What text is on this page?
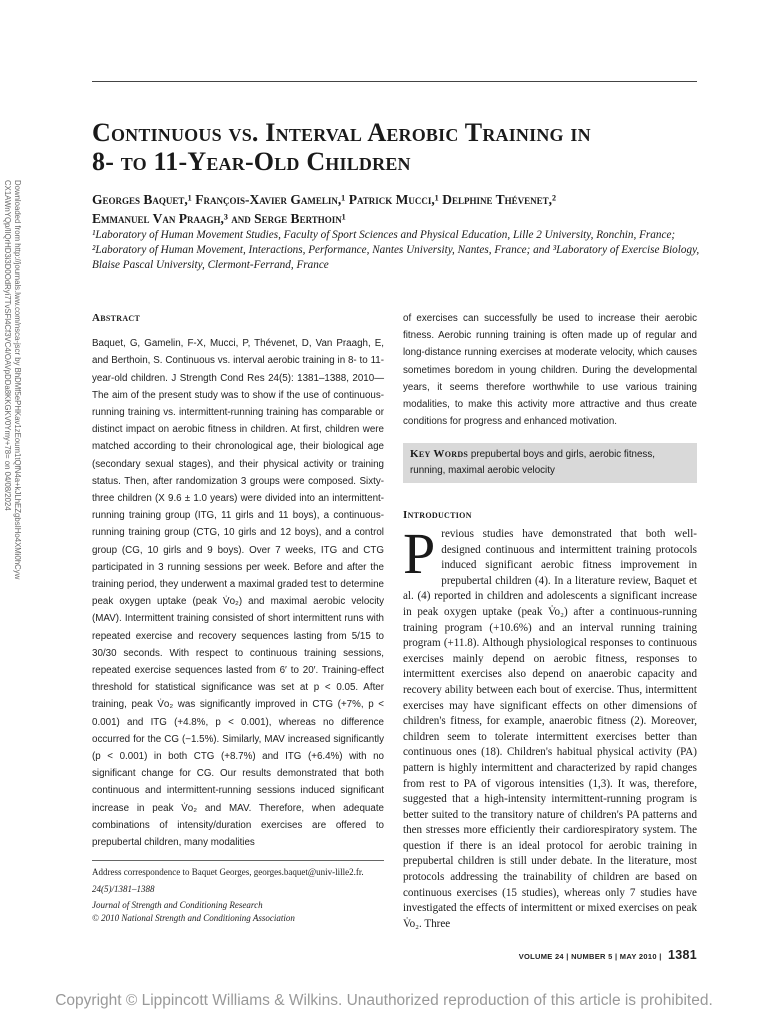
Continuous vs. Interval Aerobic Training in
8- to 11-Year-Old Children
Georges Baquet,¹ François-Xavier Gamelin,¹ Patrick Mucci,¹ Delphine Thévenet,²
Emmanuel Van Praagh,³ and Serge Berthoin¹
¹Laboratory of Human Movement Studies, Faculty of Sport Sciences and Physical Education, Lille 2 University, Ronchin, France; ²Laboratory of Human Movement, Interactions, Performance, Nantes University, Nantes, France; and ³Laboratory of Exercise Biology, Blaise Pascal University, Clermont-Ferrand, France
Downloaded from http://journals.lww.com/nsca-jscr by BhDMf5ePHKav1zEoum1tQfN4a+kJLhEZgbsIHo4XMi0hCyw
CX1AWnYQp/IlQrHD3i3D0OdRyi7TvSFl4Cf3VC4/OAVpDDa8KKGKV0Ymy+78= on 04/08/2024	Abstract

Baquet, G, Gamelin, F-X, Mucci, P, Thévenet, D, Van Praagh, E, and Berthoin, S. Continuous vs. interval aerobic training in 8- to 11-year-old children. J Strength Cond Res 24(5): 1381–1388, 2010—The aim of the present study was to show if the use of continuous-running training vs. intermittent-running training has comparable or distinct impact on aerobic fitness in children. At first, children were matched according to their chronological age, their biological age (secondary sexual stages), and their physical activity or training status. Then, after randomization 3 groups were composed. Sixty-three children (X 9.6 ± 1.0 years) were divided into an intermittent-running training group (ITG, 11 girls and 11 boys), a continuous-running training group (CTG, 10 girls and 12 boys), and a control group (CG, 10 girls and 9 boys). Over 7 weeks, ITG and CTG participated in 3 running sessions per week. Before and after the training period, they underwent a maximal graded test to determine peak oxygen uptake (peak V̇o₂) and maximal aerobic velocity (MAV). Intermittent training consisted of short intermittent runs with repeated exercise and recovery sequences lasting from 5/15 to 30/30 seconds. With respect to continuous training sessions, repeated exercise sequences lasted from 6′ to 20′. Training-effect threshold for statistical significance was set at p < 0.05. After training, peak V̇o₂ was significantly improved in CTG (+7%, p < 0.001) and ITG (+4.8%, p < 0.001), whereas no difference occurred for the CG (−1.5%). Similarly, MAV increased significantly (p < 0.001) in both CTG (+8.7%) and ITG (+6.4%) with no significant change for CG. Our results demonstrated that both continuous and intermittent-running sessions induced significant increase in peak V̇o₂ and MAV. Therefore, when adequate combinations of intensity/duration exercises are offered to prepubertal children, many modalities

of exercises can successfully be used to increase their aerobic fitness. Aerobic running training is often made up of regular and long-distance running exercises at moderate velocity, which causes sometimes boredom in young children. During the developmental years, it seems therefore worthwhile to use various training modalities, to make this activity more attractive and thus create conditions for progress and enhanced motivation.

Key Words prepubertal boys and girls, aerobic fitness, running, maximal aerobic velocity
Introduction
P revious studies have demonstrated that both well-designed continuous and intermittent training protocols induced significant aerobic fitness improvement in prepubertal children (4). In a literature review, Baquet et al. (4) reported in children and adolescents a significant increase in peak oxygen uptake (peak V̇o₂) after a continuous-running training program (+10.6%) and an interval running training program (+11.8). Although physiological responses to continuous exercises mainly depend on aerobic fitness, responses to intermittent exercises also depend on anaerobic capacity and recovery ability between each bout of exercise. Thus, intermittent exercises may have significant effects on other dimensions of children's fitness, for example, anaerobic fitness (2). Moreover, children seem to tolerate intermittent exercises better than continuous ones (18). Children's habitual physical activity (PA) pattern is highly intermittent and characterized by rapid changes from rest to PA of vigorous intensities (1,3). It was, therefore, suggested that a high-intensity intermittent-running program is better suited to the transitory nature of children's PA patterns and then stresses more efficiently their cardiorespiratory system. The question if there is an ideal protocol for aerobic training in prepubertal children is still under debate. In the literature, most protocols addressing the trainability of children are based on continuous exercises (15 studies), whereas only 7 studies have investigated the effects of intermittent or mixed exercises on peak V̇o₂. Three

Address correspondence to Baquet Georges, georges.baquet@univ-lille2.fr.

24(5)/1381–1388

Journal of Strength and Conditioning Research

© 2010 National Strength and Conditioning Association

VOLUME 24 | NUMBER 5 | MAY 2010 | 1381
Copyright © Lippincott Williams & Wilkins. Unauthorized reproduction of this article is prohibited.
